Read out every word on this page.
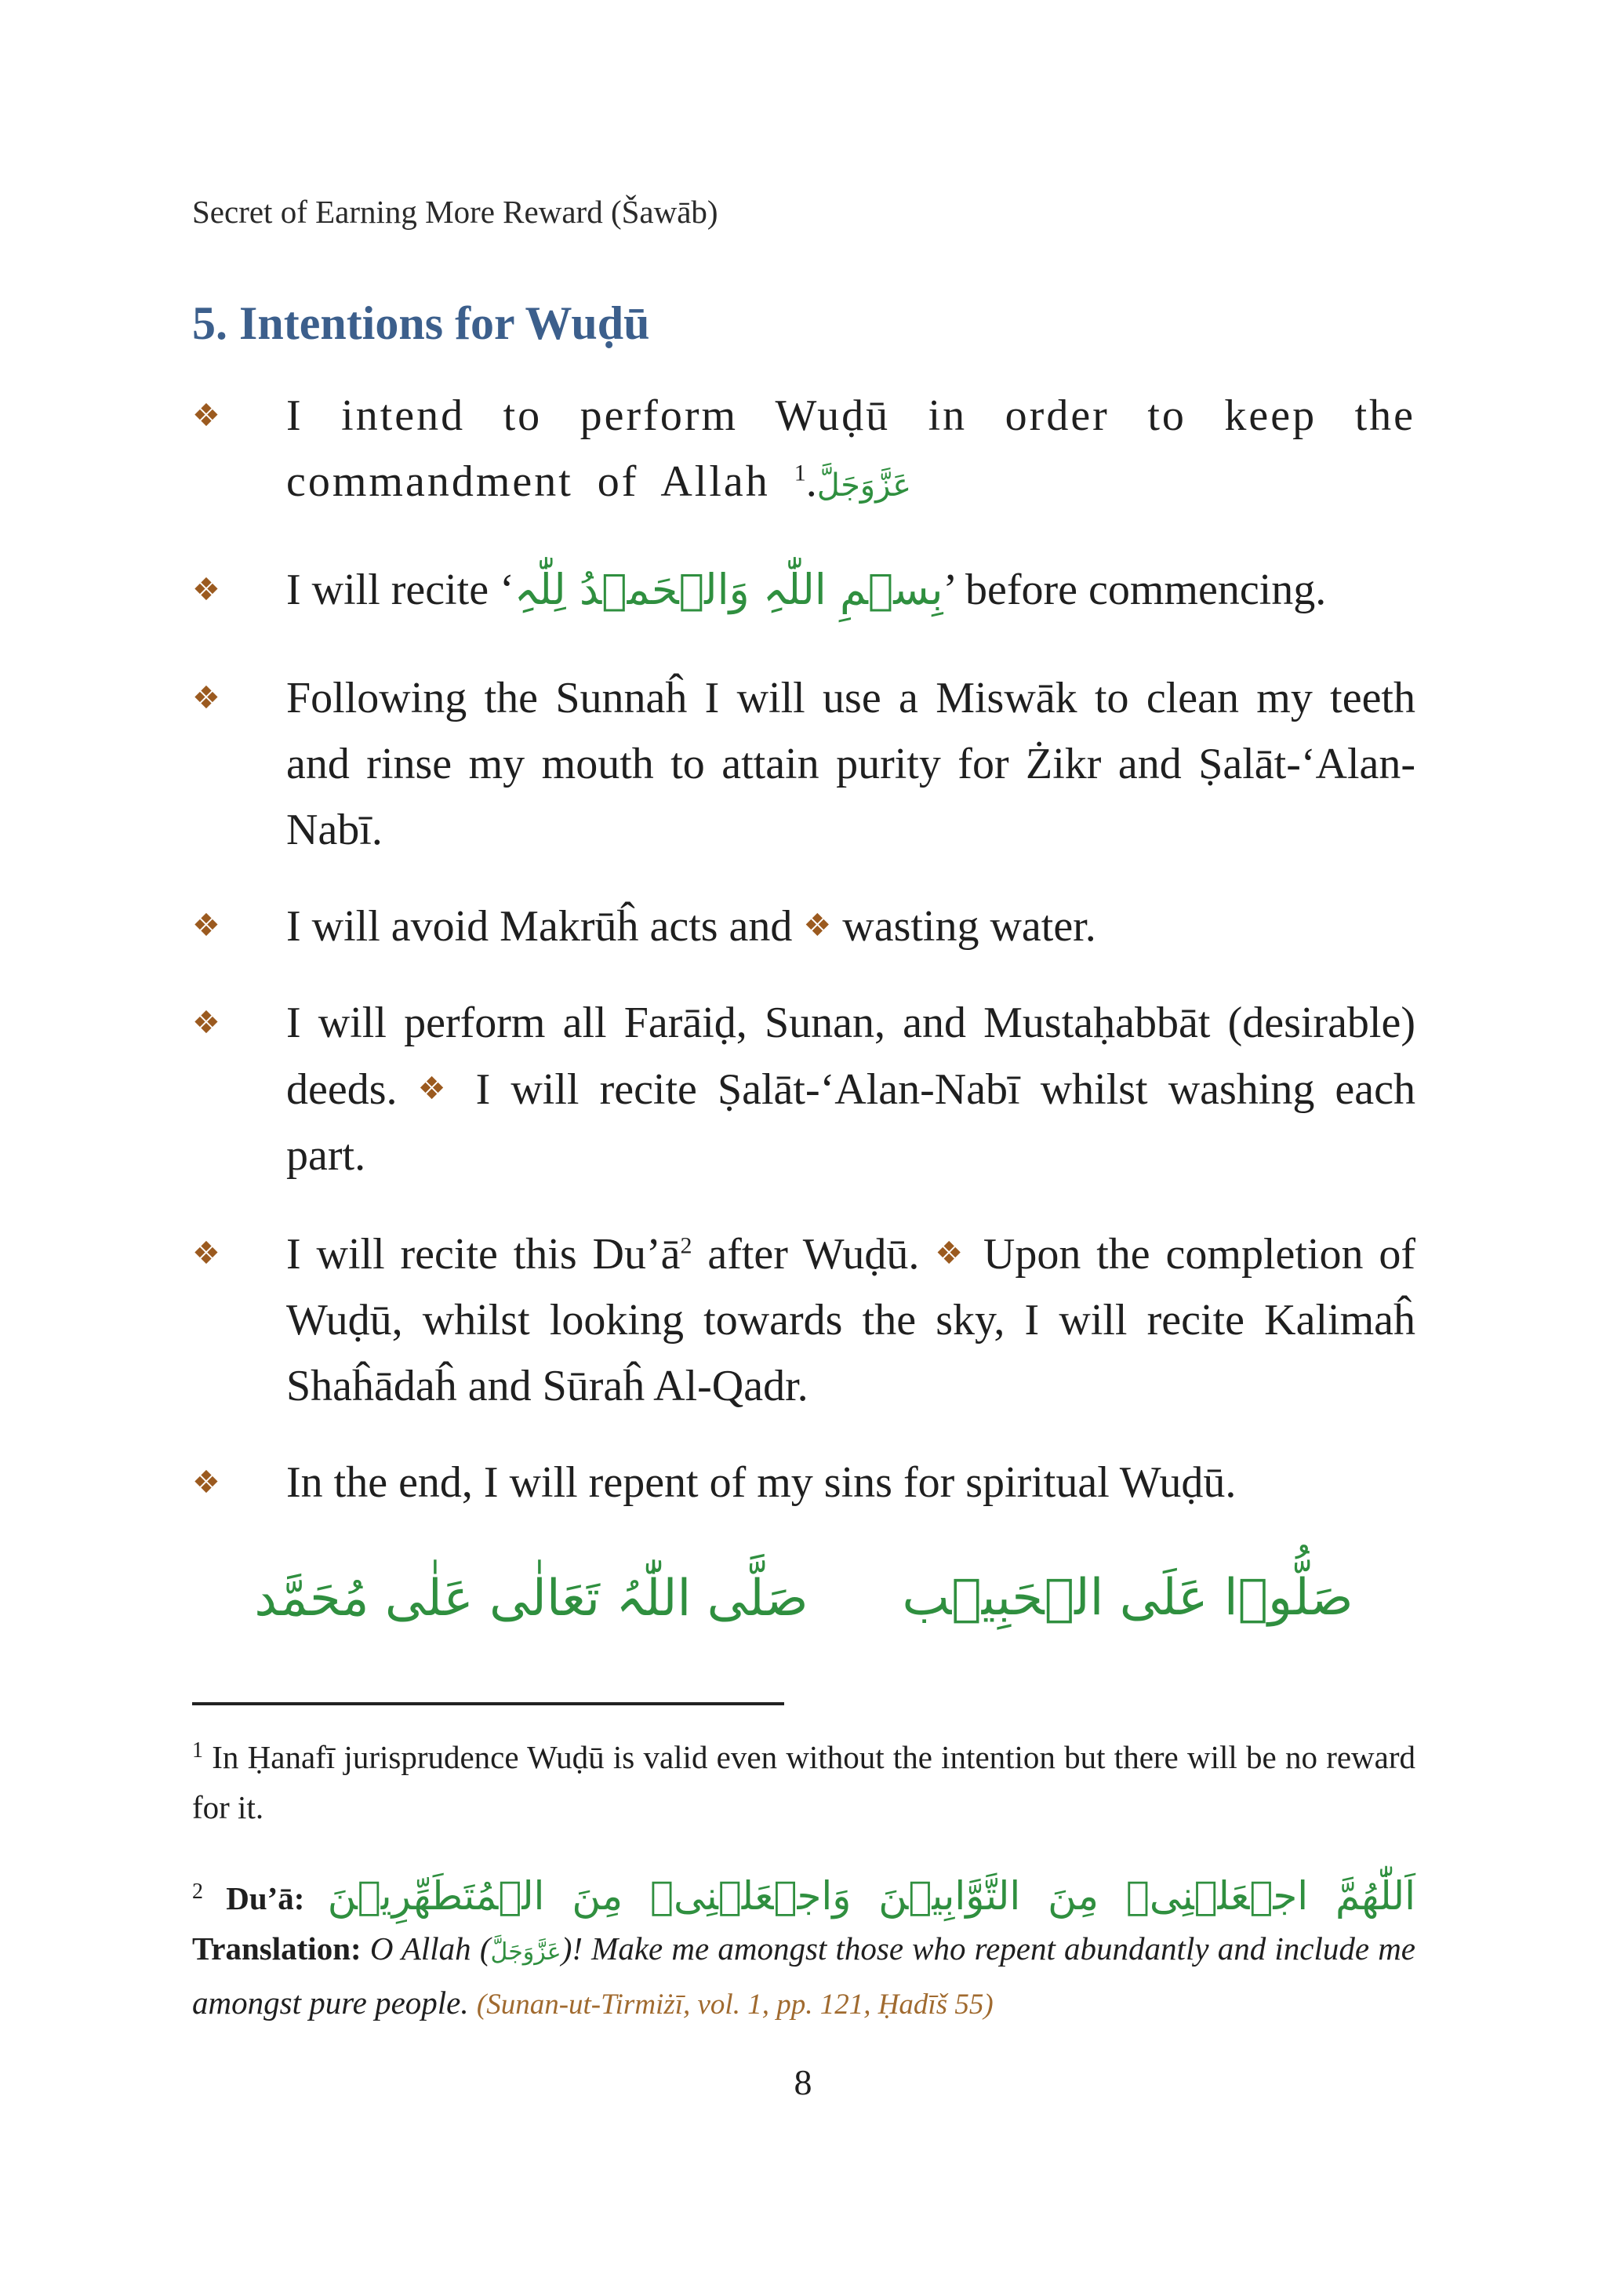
Secret of Earning More Reward (Šawāb)
5. Intentions for Wuḍū
❖ I intend to perform Wuḍū in order to keep the commandment of Allah عَزَّوَجَلَّ.$^1$
❖ I will recite ‘بِسۡمِ اللّٰہِ وَالۡحَمۡدُ لِلّٰہِ’ before commencing.
❖ Following the Sunnaĥ I will use a Miswāk to clean my teeth and rinse my mouth to attain purity for Żikr and Ṣalāt-‘Alan-Nabī.
❖ I will avoid Makrūĥ acts and ❖ wasting water.
❖ I will perform all Farāiḍ, Sunan, and Mustaḥabbāt (desirable) deeds. ❖ I will recite Ṣalāt-‘Alan-Nabī whilst washing each part.
❖ I will recite this $Du’ā^2$ after Wuḍū. ❖ Upon the completion of Wuḍū, whilst looking towards the sky, I will recite Kalimaĥ Shaĥādaĥ and Sūraĥ Al-Qadr.
❖ In the end, I will repent of my sins for spiritual Wuḍū.
صَلَّی اللّٰہُ تَعَالٰی عَلٰی مُحَمَّد صَلُّوۡا عَلَی الۡحَبِیۡب
$^1$ In Ḥanafī jurisprudence Wuḍū is valid even without the intention but there will be no reward for it.
$^2$ Du’ā: اَللّٰهُمَّ اجۡعَلۡنِىۡ مِنَ التَّوَّابِيۡنَ وَاجۡعَلۡنِىۡ مِنَ الۡمُتَطَهِّرِيۡنَ Translation: O Allah (عَزَّوَجَلَّ)! Make me amongst those who repent abundantly and include me amongst pure people. (Sunan-ut-Tirmiżī, vol. 1, pp. 121, Ḥadīš 55)
8
